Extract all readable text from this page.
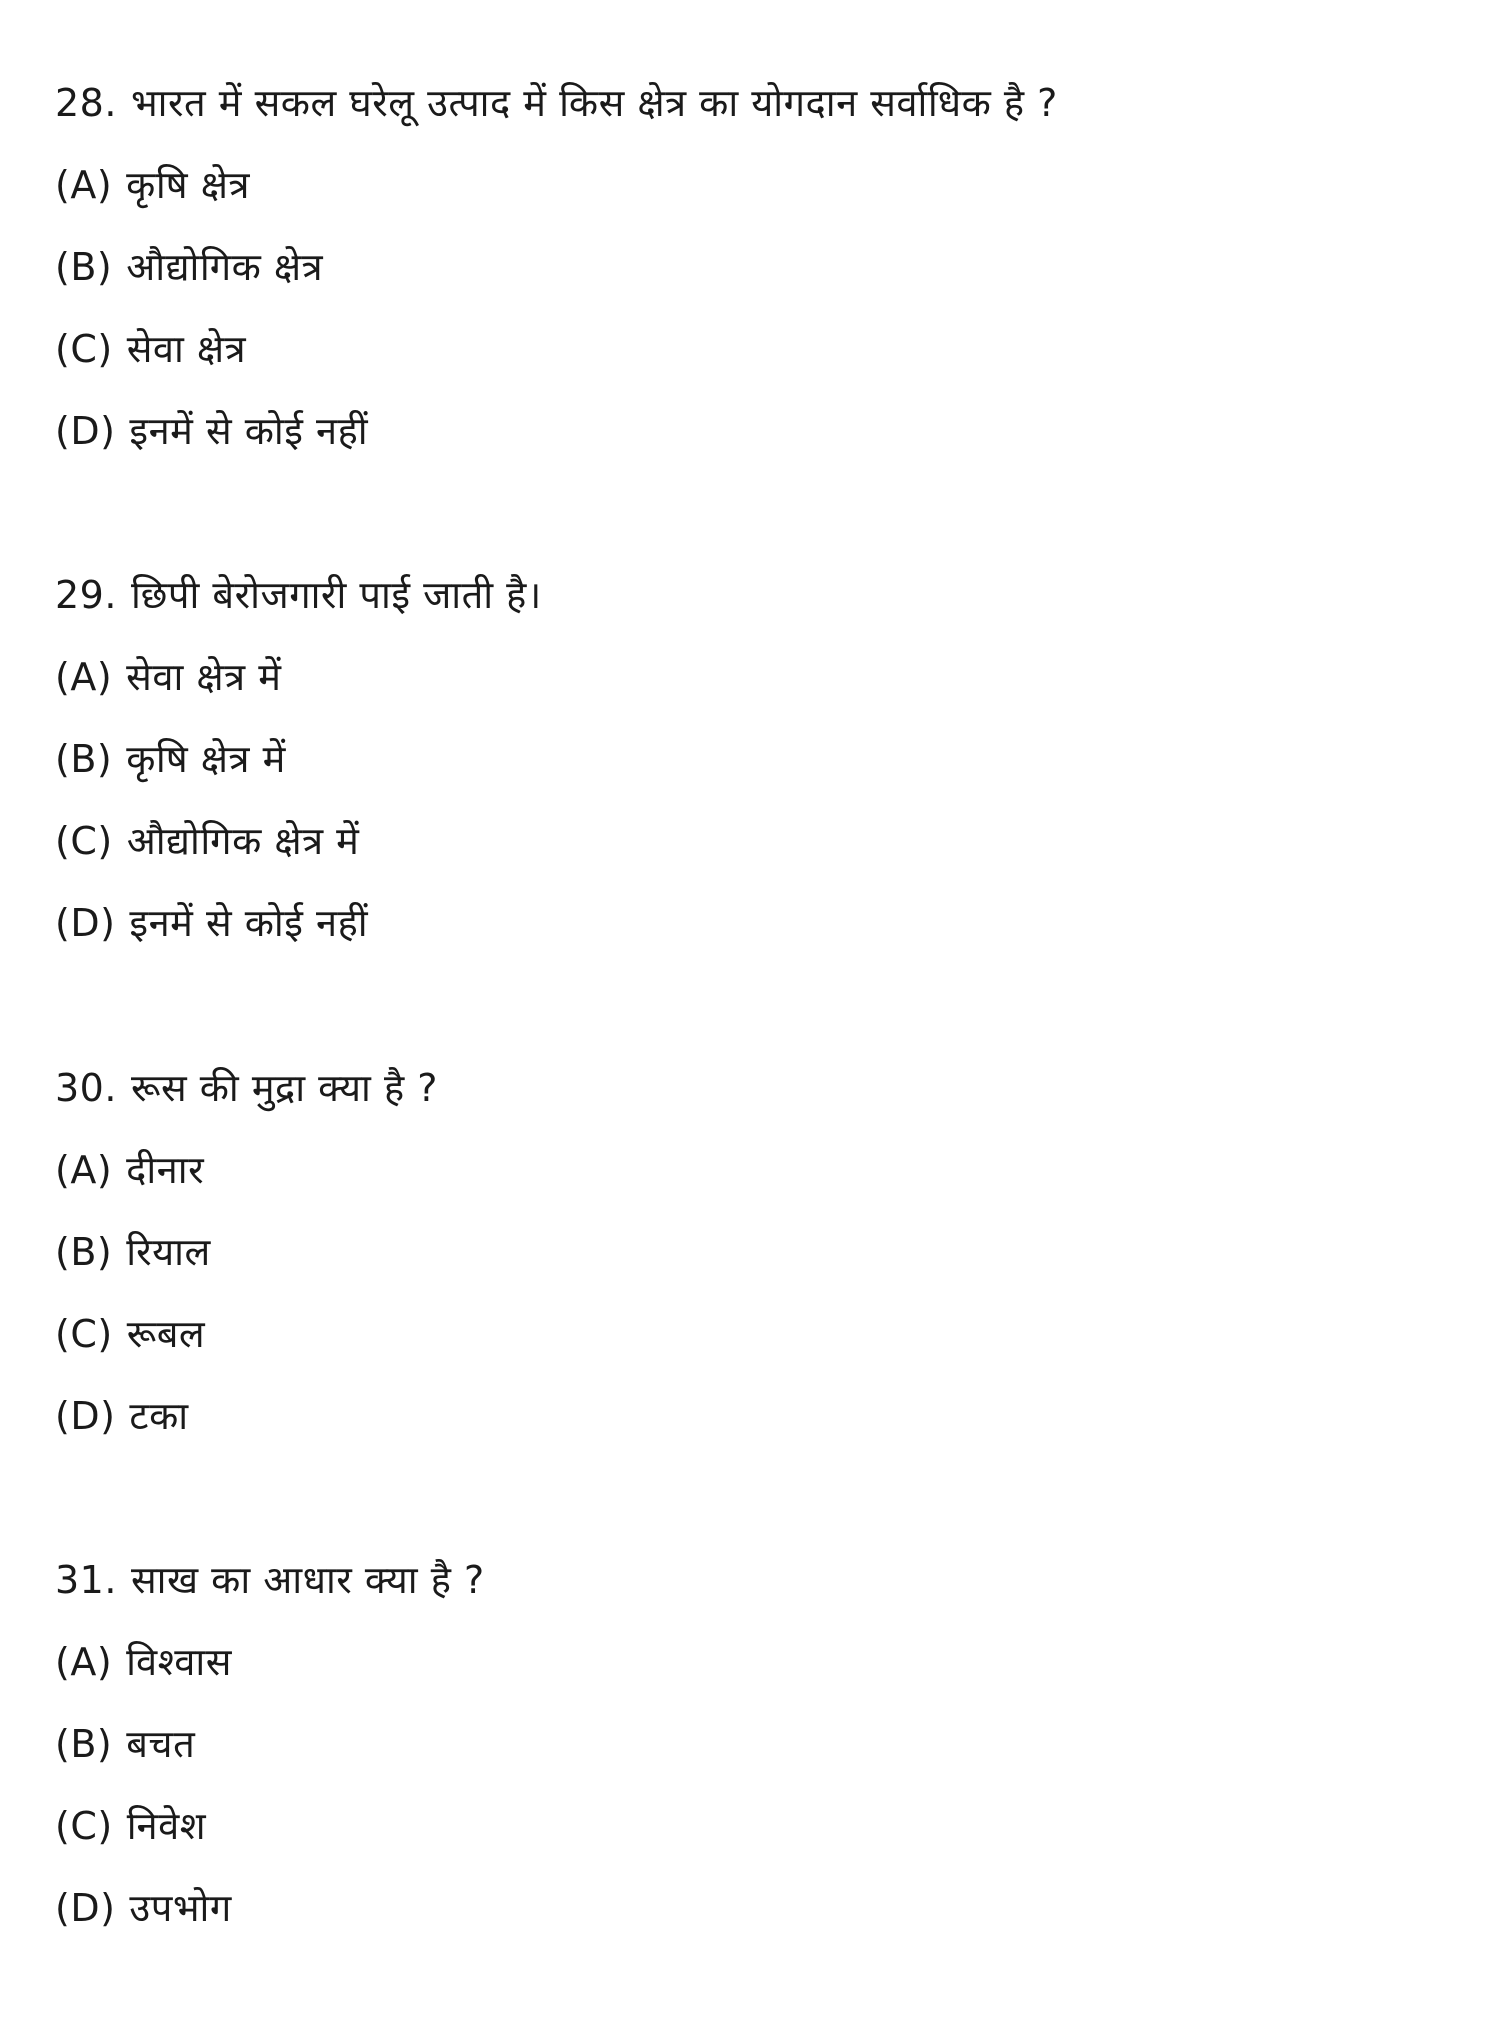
28. भारत में सकल घरेलू उत्पाद में किस क्षेत्र का योगदान सर्वाधिक है ?
(A) कृषि क्षेत्र
(B) औद्योगिक क्षेत्र
(C) सेवा क्षेत्र
(D) इनमें से कोई नहीं
29. छिपी बेरोजगारी पाई जाती है।
(A) सेवा क्षेत्र में
(B) कृषि क्षेत्र में
(C) औद्योगिक क्षेत्र में
(D) इनमें से कोई नहीं
30. रूस की मुद्रा क्या है ?
(A) दीनार
(B) रियाल
(C) रूबल
(D) टका
31. साख का आधार क्या है ?
(A) विश्वास
(B) बचत
(C) निवेश
(D) उपभोग
